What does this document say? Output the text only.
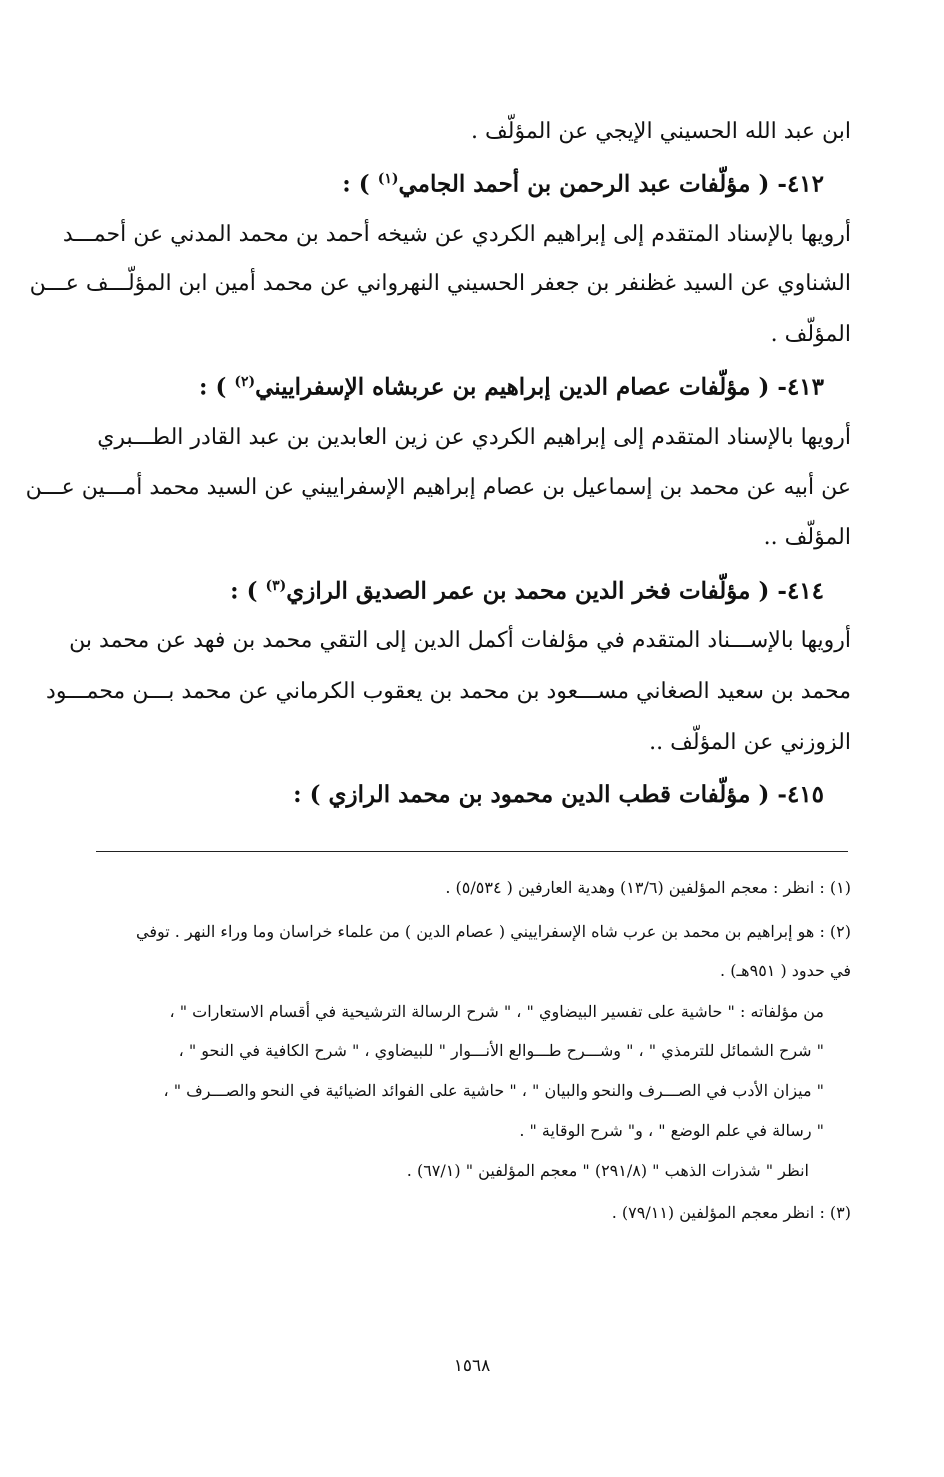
ابن عبد الله الحسيني الإيجي عن المؤلّف .
٤١٢- ( مؤلّفات عبد الرحمن بن أحمد الجامي$^{(١)}$ ) :
أرويها بالإسناد المتقدم إلى إبراهيم الكردي عن شيخه أحمد بن محمد المدني عن أحمـــد
الشناوي عن السيد غظنفر بن جعفر الحسيني النهرواني عن محمد أمين ابن المؤلّـــف عـــن
المؤلّف .
٤١٣- ( مؤلّفات عصام الدين إبراهيم بن عربشاه الإسفراييني$^{(٢)}$ ) :
أرويها بالإسناد المتقدم إلى إبراهيم الكردي عن زين العابدين بن عبد القادر الطـــبري
عن أبيه عن محمد بن إسماعيل بن عصام إبراهيم الإسفراييني عن السيد محمد أمـــين عـــن
المؤلّف ..
٤١٤- ( مؤلّفات فخر الدين محمد بن عمر الصديق الرازي$^{(٣)}$ ) :
أرويها بالإســـناد المتقدم في مؤلفات أكمل الدين إلى التقي محمد بن فهد عن محمد بن
محمد بن سعيد الصغاني مســـعود بن محمد بن يعقوب الكرماني عن محمد بـــن محمـــود
الزوزني عن المؤلّف ..
٤١٥- ( مؤلّفات قطب الدين محمود بن محمد الرازي ) :
(١) : انظر : معجم المؤلفين (١٣/٦) وهدية العارفين ( ٥/٥٣٤) .
(٢) : هو إبراهيم بن محمد بن عرب شاه الإسفراييني ( عصام الدين ) من علماء خراسان وما وراء النهر . توفي
في حدود ( ٩٥١هـ) .
من مؤلفاته : " حاشية على تفسير البيضاوي " ، " شرح الرسالة الترشيحية في أقسام الاستعارات " ،
" شرح الشمائل للترمذي " ، " وشـــرح طـــوالع الأنـــوار " للبيضاوي ، " شرح الكافية في النحو " ،
" ميزان الأدب في الصـــرف والنحو والبيان " ، " حاشية على الفوائد الضيائية في النحو والصـــرف " ،
" رسالة في علم الوضع " ، و" شرح الوقاية " .
انظر " شذرات الذهب " (٢٩١/٨) " معجم المؤلفين " (٦٧/١) .
(٣) : انظر معجم المؤلفين (٧٩/١١) .
١٥٦٨
